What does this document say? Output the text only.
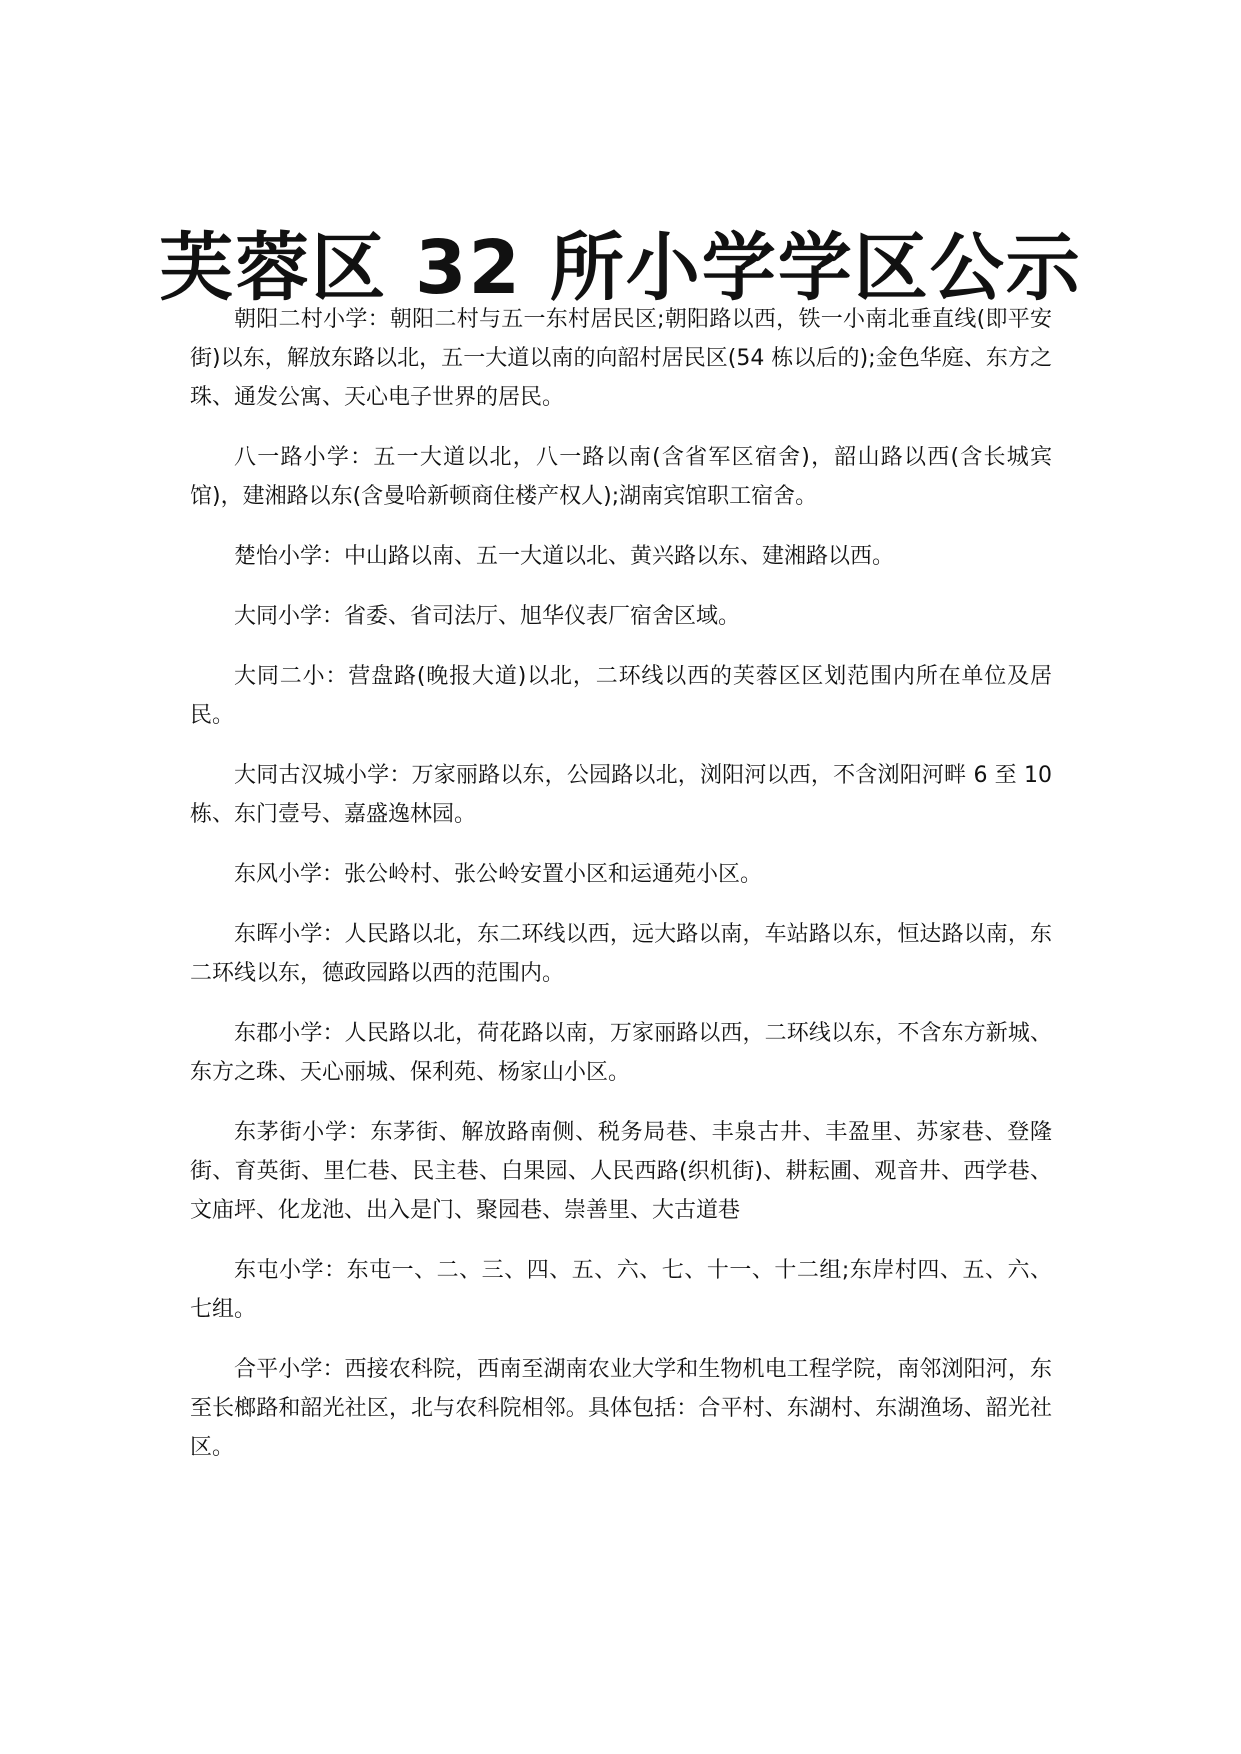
芙蓉区 32 所小学学区公示

朝阳二村小学：朝阳二村与五一东村居民区;朝阳路以西，铁一小南北垂直线(即平安街)以东，解放东路以北，五一大道以南的向韶村居民区(54 栋以后的);金色华庭、东方之珠、通发公寓、天心电子世界的居民。

八一路小学：五一大道以北，八一路以南(含省军区宿舍)，韶山路以西(含长城宾馆)，建湘路以东(含曼哈新顿商住楼产权人);湖南宾馆职工宿舍。

楚怡小学：中山路以南、五一大道以北、黄兴路以东、建湘路以西。

大同小学：省委、省司法厅、旭华仪表厂宿舍区域。

大同二小：营盘路(晚报大道)以北，二环线以西的芙蓉区区划范围内所在单位及居民。

大同古汉城小学：万家丽路以东，公园路以北，浏阳河以西，不含浏阳河畔 6 至 10 栋、东门壹号、嘉盛逸林园。

东风小学：张公岭村、张公岭安置小区和运通苑小区。

东晖小学：人民路以北，东二环线以西，远大路以南，车站路以东，恒达路以南，东二环线以东，德政园路以西的范围内。

东郡小学：人民路以北，荷花路以南，万家丽路以西，二环线以东，不含东方新城、东方之珠、天心丽城、保利苑、杨家山小区。

东茅街小学：东茅街、解放路南侧、税务局巷、丰泉古井、丰盈里、苏家巷、登隆街、育英街、里仁巷、民主巷、白果园、人民西路(织机街)、耕耘圃、观音井、西学巷、文庙坪、化龙池、出入是门、聚园巷、崇善里、大古道巷

东屯小学：东屯一、二、三、四、五、六、七、十一、十二组;东岸村四、五、六、七组。

合平小学：西接农科院，西南至湖南农业大学和生物机电工程学院，南邻浏阳河，东至长榔路和韶光社区，北与农科院相邻。具体包括：合平村、东湖村、东湖渔场、韶光社区。
